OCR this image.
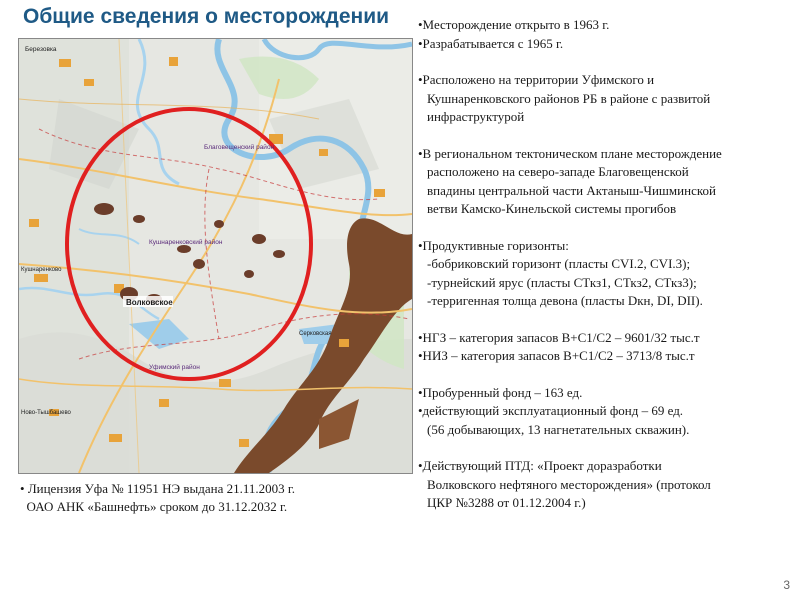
Общие сведения о месторождении
Березовка
Благовещенский район
Кушнаренковский район
Уфимский район
Кушнаренково
Ново-Тышбашево
Серковская
Волковское
• Лицензия Уфа № 11951 НЭ выдана 21.11.2003 г.
ОАО АНК «Башнефть» сроком до 31.12.2032 г.
•Месторождение открыто в 1963 г.
•Разрабатывается с 1965 г.
•Расположено на территории Уфимского и
Кушнаренковского районов РБ в районе с развитой
инфраструктурой
•В региональном тектоническом плане месторождение
расположено на северо-западе Благовещенской
впадины центральной части Актаныш-Чишминской
ветви Камско-Кинельской системы прогибов
•Продуктивные горизонты:
-бобриковский горизонт (пласты CVI.2, CVI.3);
-турнейский ярус (пласты CТкз1, CТкз2, CТкз3);
-терригенная толща девона (пласты Dкн, DI, DII).
•НГЗ – категория запасов В+С1/С2 – 9601/32 тыс.т
•НИЗ – категория запасов В+С1/С2 – 3713/8 тыс.т
•Пробуренный фонд – 163 ед.
•действующий эксплуатационный фонд – 69 ед.
(56 добывающих, 13 нагнетательных скважин).
•Действующий ПТД: «Проект доразработки
Волковского нефтяного месторождения» (протокол
ЦКР №3288 от 01.12.2004 г.)
3
